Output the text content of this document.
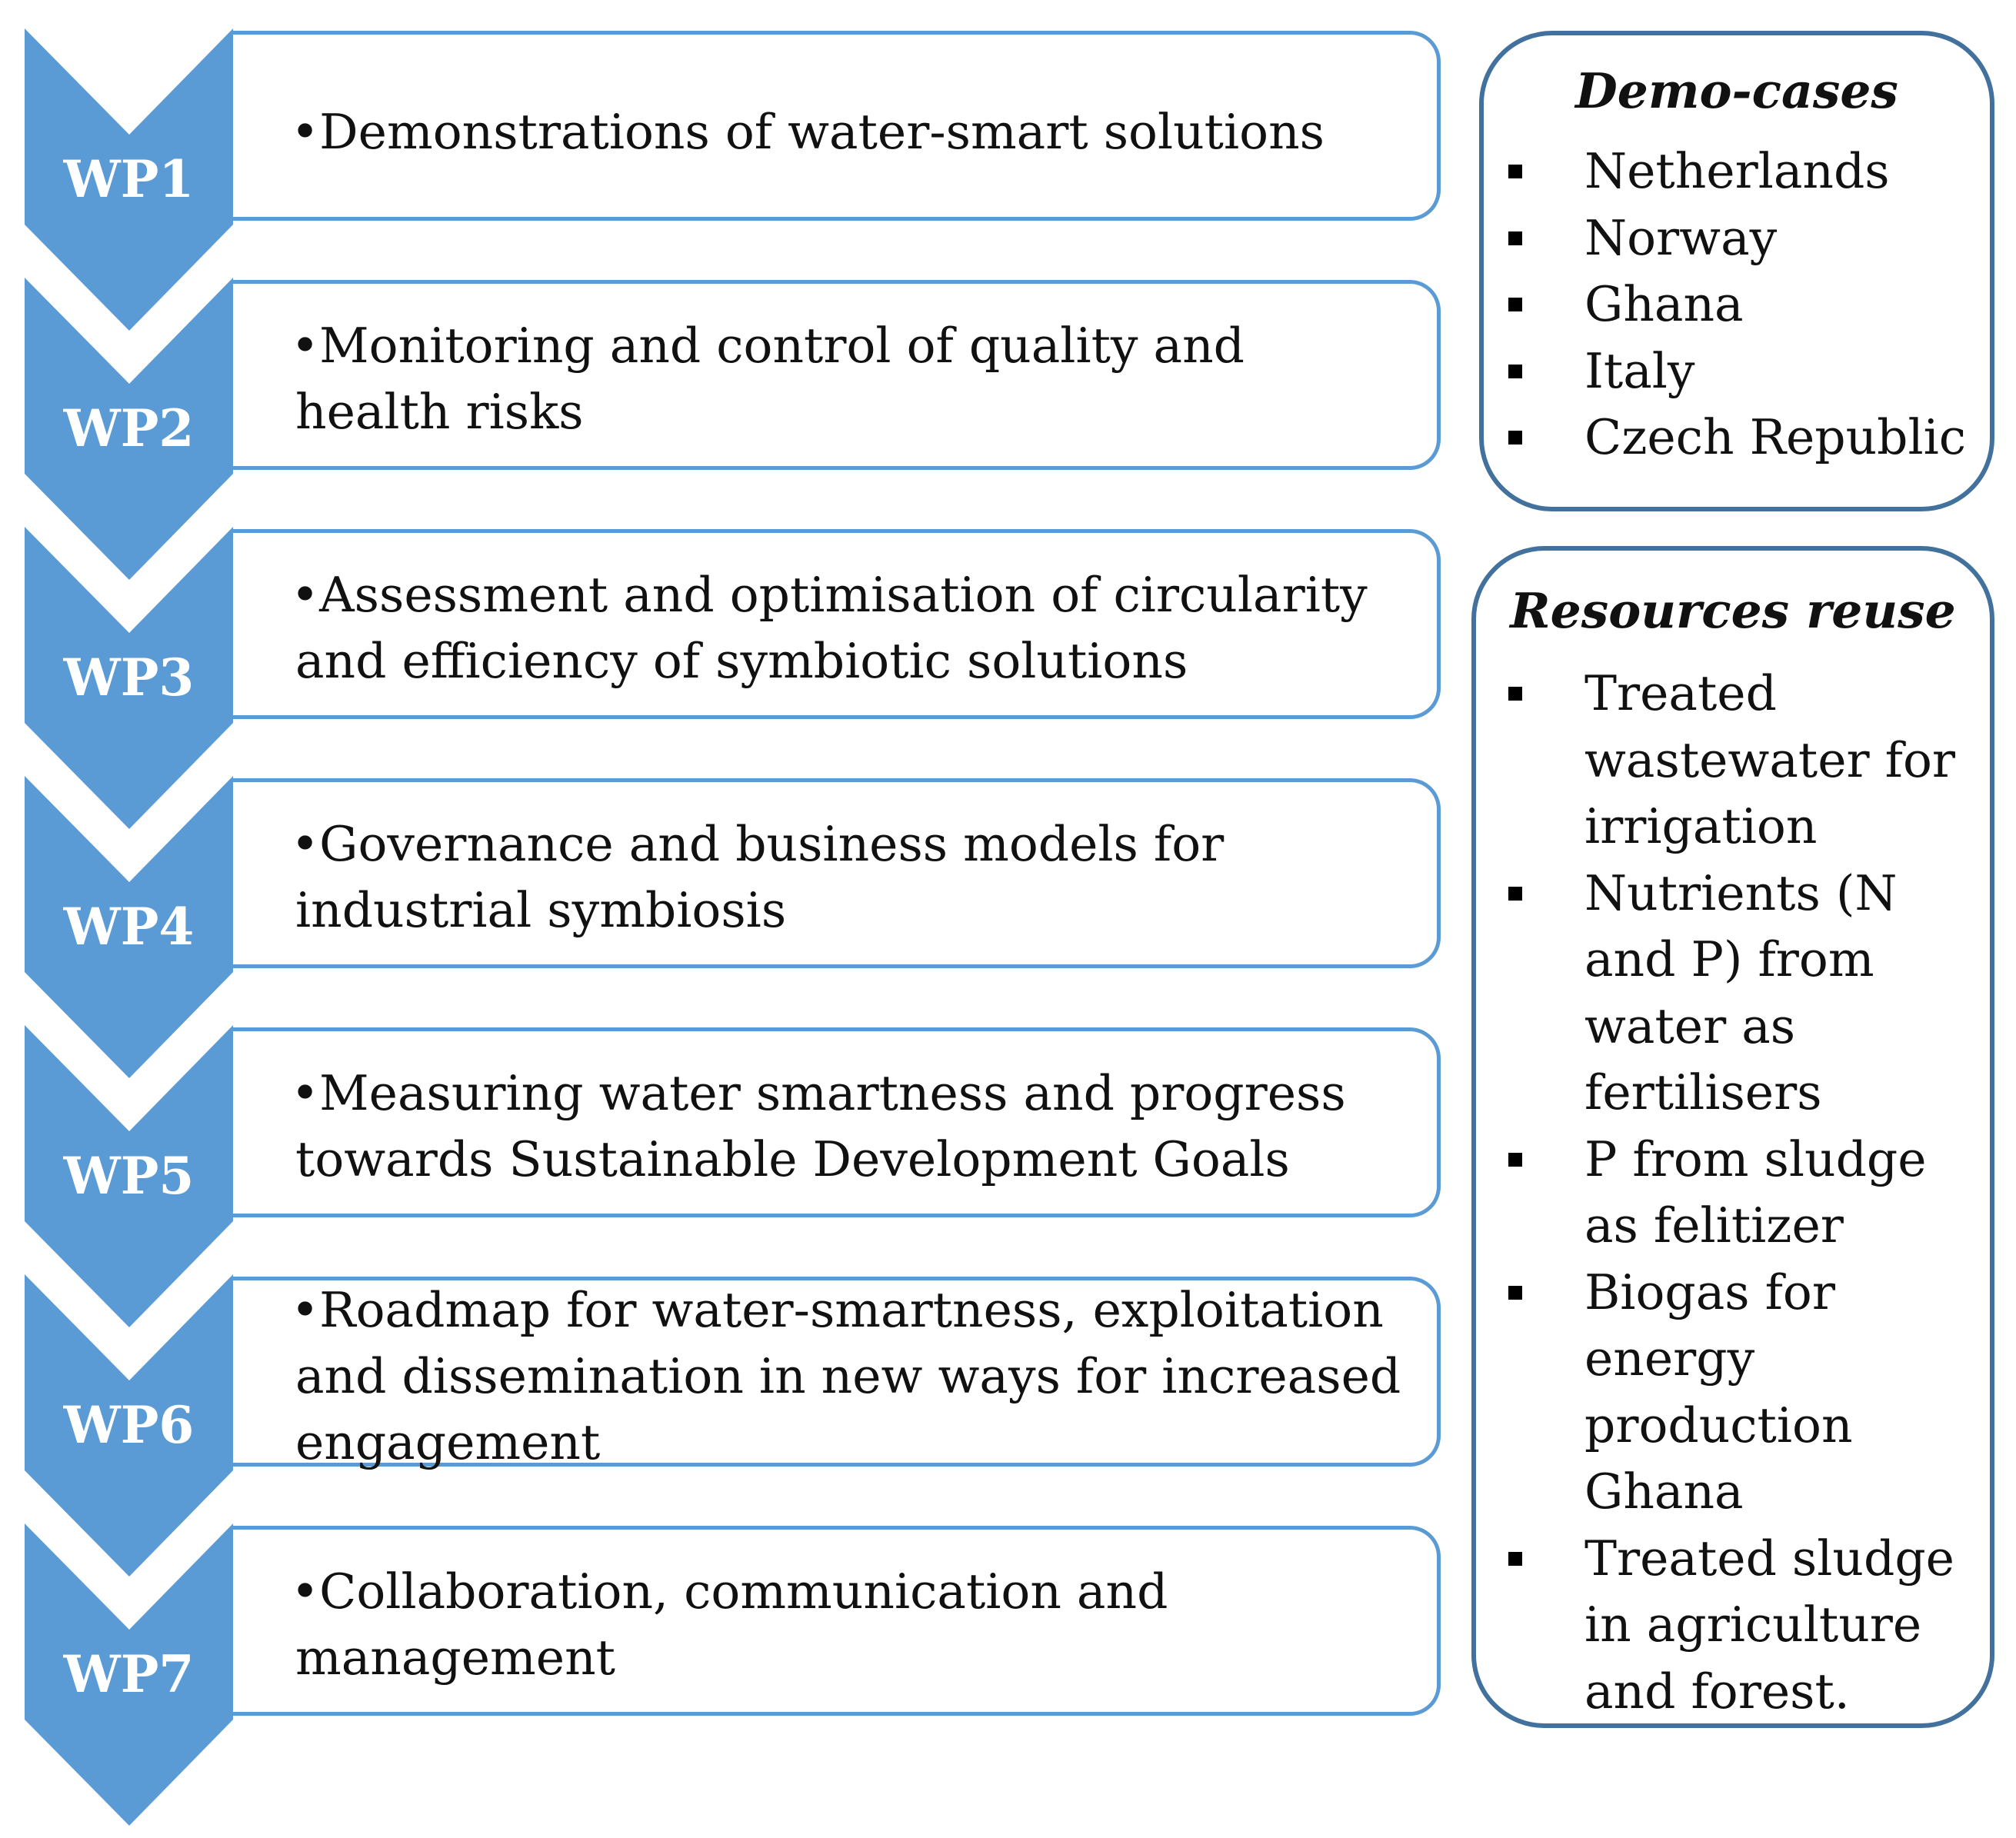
WP1
WP2
WP3
WP4
WP5
WP6
WP7
•Demonstrations of water-smart solutions
•Monitoring and control of quality and health risks
•Assessment and optimisation of circularity and efficiency of symbiotic solutions
•Governance and business models for industrial symbiosis
•Measuring water smartness and progress towards Sustainable Development Goals
•Roadmap for water-smartness, exploitation and dissemination in new ways for increased engagement
•Collaboration, communication and management
Demo-cases
Netherlands
Norway
Ghana
Italy
Czech Republic
Resources reuse
Treated wastewater for irrigation
Nutrients (N and P) from water as fertilisers
P from sludge as felitizer
Biogas for energy production Ghana
Treated sludge in agriculture and forest.
